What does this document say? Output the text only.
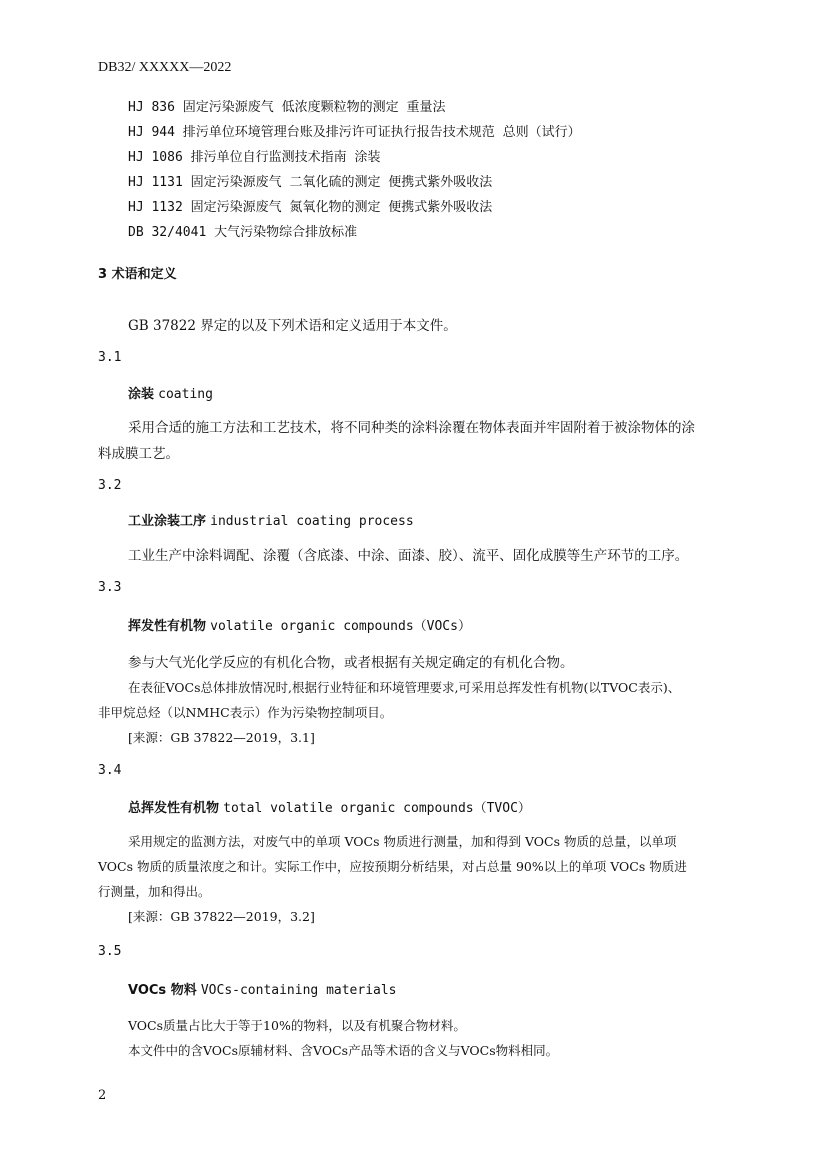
DB32/ XXXXX—2022
HJ 836 固定污染源废气 低浓度颗粒物的测定 重量法
HJ 944 排污单位环境管理台账及排污许可证执行报告技术规范 总则（试行）
HJ 1086 排污单位自行监测技术指南 涂装
HJ 1131 固定污染源废气 二氧化硫的测定 便携式紫外吸收法
HJ 1132 固定污染源废气 氮氧化物的测定 便携式紫外吸收法
DB 32/4041 大气污染物综合排放标准
3 术语和定义
GB 37822 界定的以及下列术语和定义适用于本文件。
3.1
涂装 coating
采用合适的施工方法和工艺技术，将不同种类的涂料涂覆在物体表面并牢固附着于被涂物体的涂
料成膜工艺。
3.2
工业涂装工序 industrial coating process
工业生产中涂料调配、涂覆（含底漆、中涂、面漆、胶）、流平、固化成膜等生产环节的工序。
3.3
挥发性有机物 volatile organic compounds（VOCs）
参与大气光化学反应的有机化合物，或者根据有关规定确定的有机化合物。
在表征VOCs总体排放情况时,根据行业特征和环境管理要求,可采用总挥发性有机物(以TVOC表示)、
非甲烷总烃（以NMHC表示）作为污染物控制项目。
[来源：GB 37822—2019，3.1]
3.4
总挥发性有机物 total volatile organic compounds（TVOC）
采用规定的监测方法，对废气中的单项 VOCs 物质进行测量，加和得到 VOCs 物质的总量，以单项
VOCs 物质的质量浓度之和计。实际工作中，应按预期分析结果，对占总量 90%以上的单项 VOCs 物质进
行测量，加和得出。
[来源：GB 37822—2019，3.2]
3.5
VOCs 物料 VOCs-containing materials
VOCs质量占比大于等于10%的物料，以及有机聚合物材料。
本文件中的含VOCs原辅材料、含VOCs产品等术语的含义与VOCs物料相同。
2
